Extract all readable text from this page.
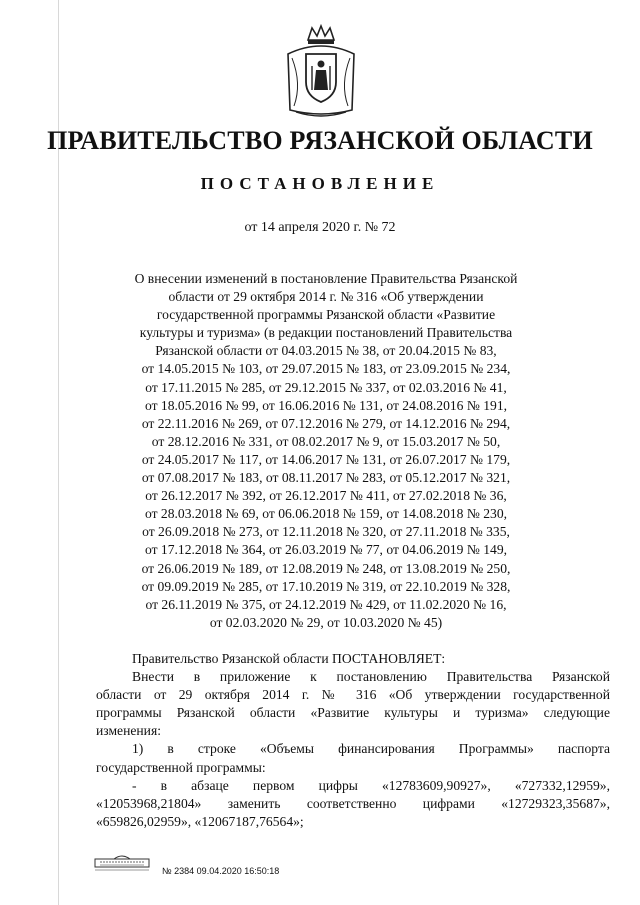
ПРАВИТЕЛЬСТВО РЯЗАНСКОЙ ОБЛАСТИ
ПОСТАНОВЛЕНИЕ
от 14 апреля 2020 г. № 72
О внесении изменений в постановление Правительства Рязанской
области от 29 октября 2014 г. № 316 «Об утверждении
государственной программы Рязанской области «Развитие
культуры и туризма» (в редакции постановлений Правительства
Рязанской области от 04.03.2015 № 38, от 20.04.2015 № 83,
от 14.05.2015 № 103, от 29.07.2015 № 183, от 23.09.2015 № 234,
от 17.11.2015 № 285, от 29.12.2015 № 337, от 02.03.2016 № 41,
от 18.05.2016 № 99, от 16.06.2016 № 131, от 24.08.2016 № 191,
от 22.11.2016 № 269, от 07.12.2016 № 279, от 14.12.2016 № 294,
от 28.12.2016 № 331, от 08.02.2017 № 9, от 15.03.2017 № 50,
от 24.05.2017 № 117, от 14.06.2017 № 131, от 26.07.2017 № 179,
от 07.08.2017 № 183, от 08.11.2017 № 283, от 05.12.2017 № 321,
от 26.12.2017 № 392, от 26.12.2017 № 411, от 27.02.2018 № 36,
от 28.03.2018 № 69, от 06.06.2018 № 159, от 14.08.2018 № 230,
от 26.09.2018 № 273, от 12.11.2018 № 320, от 27.11.2018 № 335,
от 17.12.2018 № 364, от 26.03.2019 № 77, от 04.06.2019 № 149,
от 26.06.2019 № 189, от 12.08.2019 № 248, от 13.08.2019 № 250,
от 09.09.2019 № 285, от 17.10.2019 № 319, от 22.10.2019 № 328,
от 26.11.2019 № 375, от 24.12.2019 № 429, от 11.02.2020 № 16,
от 02.03.2020 № 29, от 10.03.2020 № 45)

Правительство Рязанской области ПОСТАНОВЛЯЕТ:

Внести в приложение к постановлению Правительства Рязанской

области от 29 октября 2014 г. № 316 «Об утверждении государственной

программы Рязанской области «Развитие культуры и туризма» следующие

изменения:

1) в строке «Объемы финансирования Программы» паспорта

государственной программы:

- в абзаце первом цифры «12783609,90927», «727332,12959»,

«12053968,21804» заменить соответственно цифрами «12729323,35687»,

«659826,02959», «12067187,76564»;

№ 2384 09.04.2020 16:50:18
